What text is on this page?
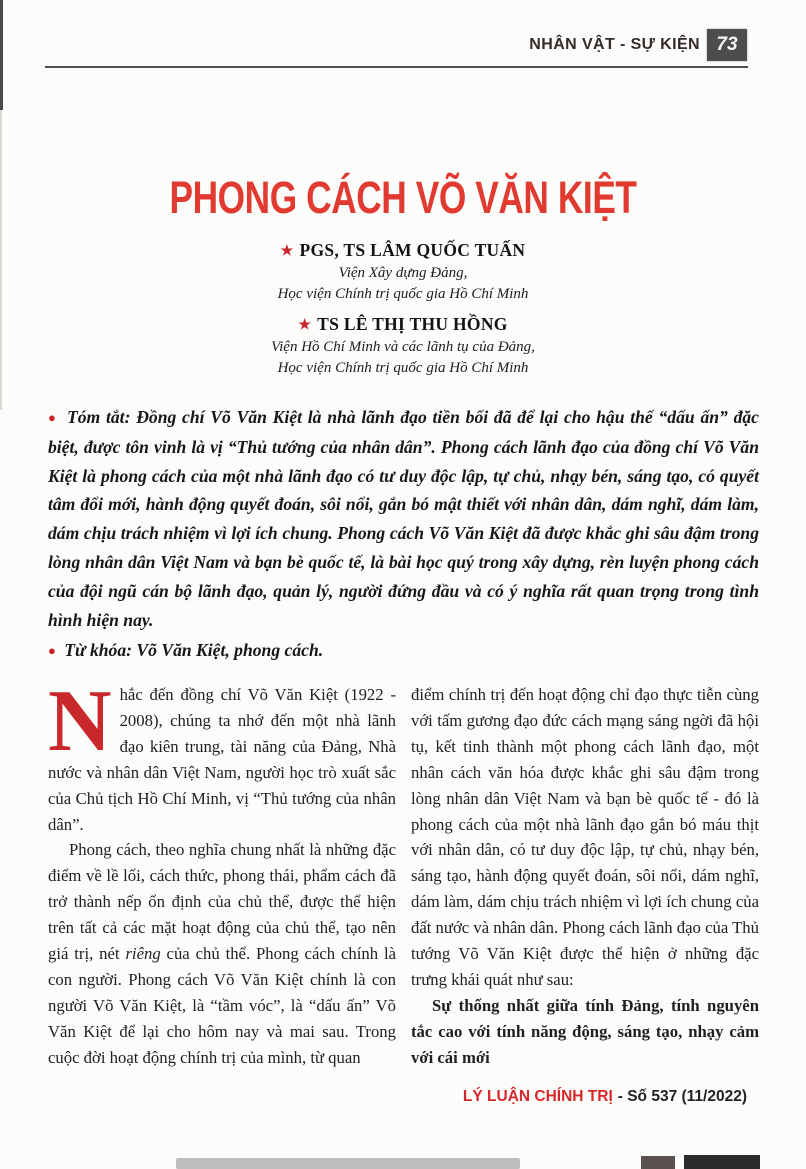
NHÂN VẬT - SỰ KIỆN 73
PHONG CÁCH VÕ VĂN KIỆT

★ PGS, TS LÂM QUỐC TUẤN

Viện Xây dựng Đảng,

Học viện Chính trị quốc gia Hồ Chí Minh

★ TS LÊ THỊ THU HỒNG

Viện Hồ Chí Minh và các lãnh tụ của Đảng,

Học viện Chính trị quốc gia Hồ Chí Minh

● Tóm tắt: Đồng chí Võ Văn Kiệt là nhà lãnh đạo tiền bối đã để lại cho hậu thế “dấu ấn” đặc biệt, được tôn vinh là vị “Thủ tướng của nhân dân”. Phong cách lãnh đạo của đồng chí Võ Văn Kiệt là phong cách của một nhà lãnh đạo có tư duy độc lập, tự chủ, nhạy bén, sáng tạo, có quyết tâm đổi mới, hành động quyết đoán, sôi nổi, gắn bó mật thiết với nhân dân, dám nghĩ, dám làm, dám chịu trách nhiệm vì lợi ích chung. Phong cách Võ Văn Kiệt đã được khắc ghi sâu đậm trong lòng nhân dân Việt Nam và bạn bè quốc tế, là bài học quý trong xây dựng, rèn luyện phong cách của đội ngũ cán bộ lãnh đạo, quản lý, người đứng đầu và có ý nghĩa rất quan trọng trong tình hình hiện nay.

● Từ khóa: Võ Văn Kiệt, phong cách.

Nhắc đến đồng chí Võ Văn Kiệt (1922 - 2008), chúng ta nhớ đến một nhà lãnh đạo kiên trung, tài năng của Đảng, Nhà nước và nhân dân Việt Nam, người học trò xuất sắc của Chủ tịch Hồ Chí Minh, vị “Thủ tướng của nhân dân”.

Phong cách, theo nghĩa chung nhất là những đặc điểm về lề lối, cách thức, phong thái, phẩm cách đã trở thành nếp ổn định của chủ thể, được thể hiện trên tất cả các mặt hoạt động của chủ thể, tạo nên giá trị, nét riêng của chủ thể. Phong cách chính là con người. Phong cách Võ Văn Kiệt chính là con người Võ Văn Kiệt, là “tầm vóc”, là “dấu ấn” Võ Văn Kiệt để lại cho hôm nay và mai sau. Trong cuộc đời hoạt động chính trị của mình, từ quan

điểm chính trị đến hoạt động chỉ đạo thực tiễn cùng với tấm gương đạo đức cách mạng sáng ngời đã hội tụ, kết tinh thành một phong cách lãnh đạo, một nhân cách văn hóa được khắc ghi sâu đậm trong lòng nhân dân Việt Nam và bạn bè quốc tế - đó là phong cách của một nhà lãnh đạo gắn bó máu thịt với nhân dân, có tư duy độc lập, tự chủ, nhạy bén, sáng tạo, hành động quyết đoán, sôi nổi, dám nghĩ, dám làm, dám chịu trách nhiệm vì lợi ích chung của đất nước và nhân dân. Phong cách lãnh đạo của Thủ tướng Võ Văn Kiệt được thể hiện ở những đặc trưng khái quát như sau:

Sự thống nhất giữa tính Đảng, tính nguyên tắc cao với tính năng động, sáng tạo, nhạy cảm với cái mới

LÝ LUẬN CHÍNH TRỊ - Số 537 (11/2022)
